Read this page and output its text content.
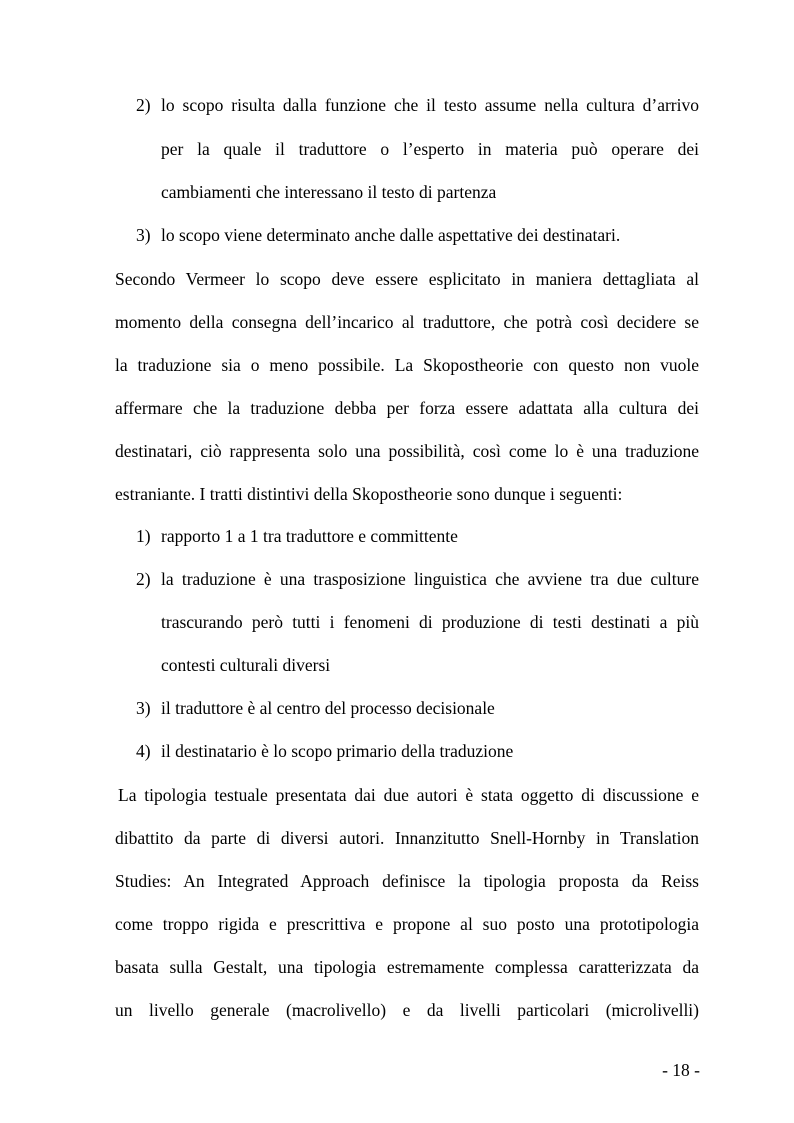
2) lo scopo risulta dalla funzione che il testo assume nella cultura d’arrivo
per la quale il traduttore o l’esperto in materia può operare dei
cambiamenti che interessano il testo di partenza
3) lo scopo viene determinato anche dalle aspettative dei destinatari.
Secondo Vermeer lo scopo deve essere esplicitato in maniera dettagliata al
momento della consegna dell’incarico al traduttore, che potrà così decidere se
la traduzione sia o meno possibile. La Skopostheorie con questo non vuole
affermare che la traduzione debba per forza essere adattata alla cultura dei
destinatari, ciò rappresenta solo una possibilità, così come lo è una traduzione
estraniante. I tratti distintivi della Skopostheorie sono dunque i seguenti:
1) rapporto 1 a 1 tra traduttore e committente
2) la traduzione è una trasposizione linguistica che avviene tra due culture
trascurando però tutti i fenomeni di produzione di testi destinati a più
contesti culturali diversi
3) il traduttore è al centro del processo decisionale
4) il destinatario è lo scopo primario della traduzione
La tipologia testuale presentata dai due autori è stata oggetto di discussione e
dibattito da parte di diversi autori. Innanzitutto Snell-Hornby in Translation
Studies: An Integrated Approach definisce la tipologia proposta da Reiss
come troppo rigida e prescrittiva e propone al suo posto una prototipologia
basata sulla Gestalt, una tipologia estremamente complessa caratterizzata da
un livello generale (macrolivello) e da livelli particolari (microlivelli)
- 18 -
